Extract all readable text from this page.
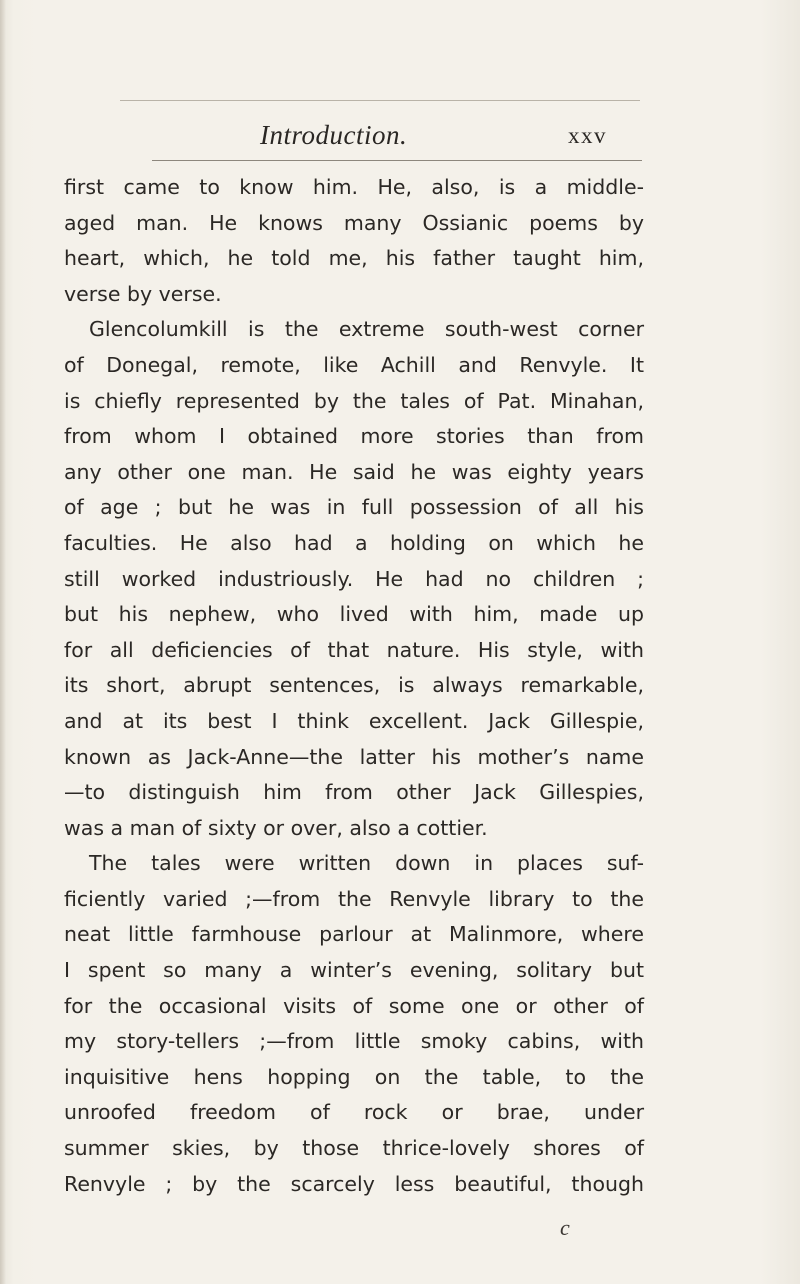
Introduction.	xxv
first came to know him. He, also, is a middle-
aged man. He knows many Ossianic poems by
heart, which, he told me, his father taught him,
verse by verse.
Glencolumkill is the extreme south-west corner
of Donegal, remote, like Achill and Renvyle. It
is chiefly represented by the tales of Pat. Minahan,
from whom I obtained more stories than from
any other one man. He said he was eighty years
of age ; but he was in full possession of all his
faculties. He also had a holding on which he
still worked industriously. He had no children ;
but his nephew, who lived with him, made up
for all deficiencies of that nature. His style, with
its short, abrupt sentences, is always remarkable,
and at its best I think excellent. Jack Gillespie,
known as Jack-Anne—the latter his mother’s name
—to distinguish him from other Jack Gillespies,
was a man of sixty or over, also a cottier.
The tales were written down in places suf-
ficiently varied ;—from the Renvyle library to the
neat little farmhouse parlour at Malinmore, where
I spent so many a winter’s evening, solitary but
for the occasional visits of some one or other of
my story-tellers ;—from little smoky cabins, with
inquisitive hens hopping on the table, to the
unroofed freedom of rock or brae, under
summer skies, by those thrice-lovely shores of
Renvyle ; by the scarcely less beautiful, though
c
